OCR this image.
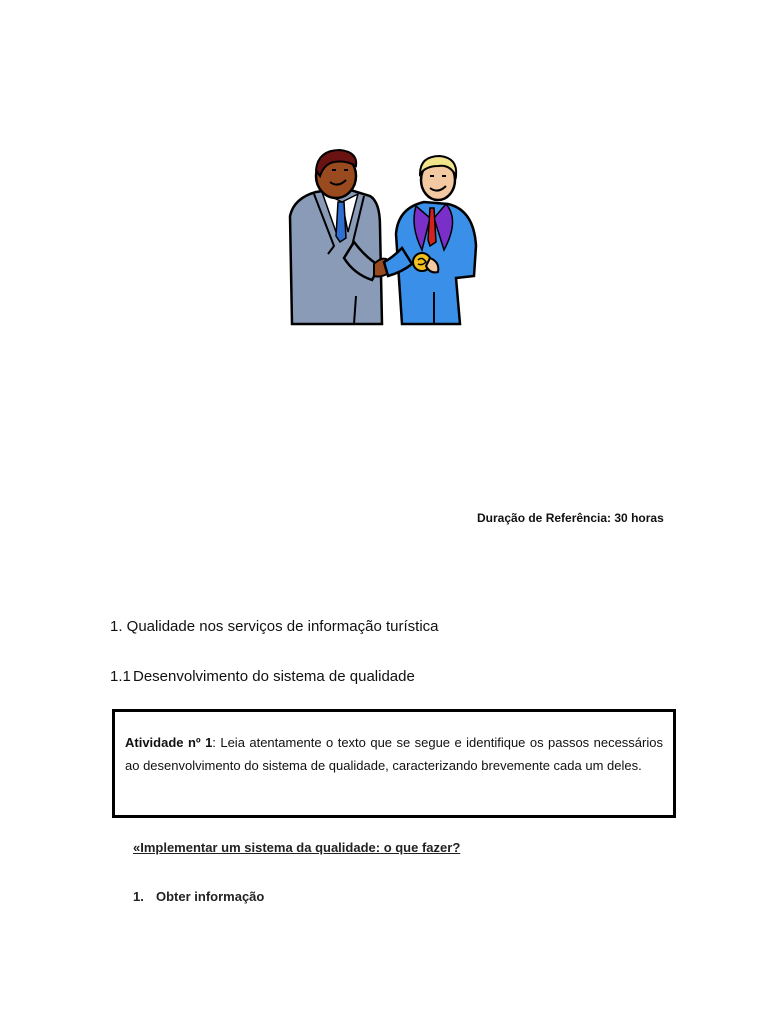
Duração de Referência: 30 horas
1. Qualidade nos serviços de informação turística
1.1 Desenvolvimento do sistema de qualidade
Atividade nº 1: Leia atentamente o texto que se segue e identifique os passos necessários ao desenvolvimento do sistema de qualidade, caracterizando brevemente cada um deles.
«Implementar um sistema da qualidade: o que fazer?
1. Obter informação
